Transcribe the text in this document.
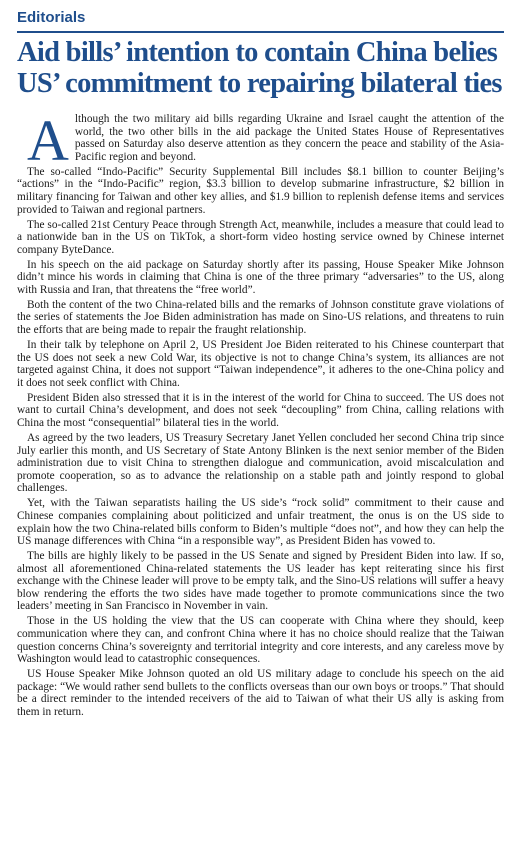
Editorials
Aid bills’ intention to contain China belies
US’ commitment to repairing bilateral ties

Although the two military aid bills regarding Ukraine and Israel caught the attention of the world, the two other bills in the aid package the United States House of Representatives passed on Saturday also deserve attention as they concern the peace and stability of the Asia-Pacific region and beyond.

The so-called “Indo-Pacific” Security Supplemental Bill includes $8.1 billion to counter Beijing’s “actions” in the “Indo-Pacific” region, $3.3 billion to develop submarine infrastructure, $2 billion in military financing for Taiwan and other key allies, and $1.9 billion to replenish defense items and services provided to Taiwan and regional partners.

The so-called 21st Century Peace through Strength Act, meanwhile, includes a measure that could lead to a nationwide ban in the US on TikTok, a short-form video hosting service owned by Chinese internet company ByteDance.

In his speech on the aid package on Saturday shortly after its passing, House Speaker Mike Johnson didn’t mince his words in claiming that China is one of the three primary “adversaries” to the US, along with Russia and Iran, that threatens the “free world”.

Both the content of the two China-related bills and the remarks of Johnson constitute grave violations of the series of statements the Joe Biden administration has made on Sino-US relations, and threatens to ruin the efforts that are being made to repair the fraught relationship.

In their talk by telephone on April 2, US President Joe Biden reiterated to his Chinese counterpart that the US does not seek a new Cold War, its objective is not to change China’s system, its alliances are not targeted against China, it does not support “Taiwan independence”, it adheres to the one-China policy and it does not seek conflict with China.

President Biden also stressed that it is in the interest of the world for China to succeed. The US does not want to curtail China’s development, and does not seek “decoupling” from China, calling relations with China the most “consequential” bilateral ties in the world.

As agreed by the two leaders, US Treasury Secretary Janet Yellen concluded her second China trip since July earlier this month, and US Secretary of State Antony Blinken is the next senior member of the Biden administration due to visit China to strengthen dialogue and communication, avoid miscalculation and promote cooperation, so as to advance the relationship on a stable path and jointly respond to global challenges.

Yet, with the Taiwan separatists hailing the US side’s “rock solid” commitment to their cause and Chinese companies complaining about politicized and unfair treatment, the onus is on the US side to explain how the two China-related bills conform to Biden’s multiple “does not”, and how they can help the US manage differences with China “in a responsible way”, as President Biden has vowed to.

The bills are highly likely to be passed in the US Senate and signed by President Biden into law. If so, almost all aforementioned China-related statements the US leader has kept reiterating since his first exchange with the Chinese leader will prove to be empty talk, and the Sino-US relations will suffer a heavy blow rendering the efforts the two sides have made together to promote communications since the two leaders’ meeting in San Francisco in November in vain.

Those in the US holding the view that the US can cooperate with China where they should, keep communication where they can, and confront China where it has no choice should realize that the Taiwan question concerns China’s sovereignty and territorial integrity and core interests, and any careless move by Washington would lead to catastrophic consequences.

US House Speaker Mike Johnson quoted an old US military adage to conclude his speech on the aid package: “We would rather send bullets to the conflicts overseas than our own boys or troops.” That should be a direct reminder to the intended receivers of the aid to Taiwan of what their US ally is asking from them in return.
